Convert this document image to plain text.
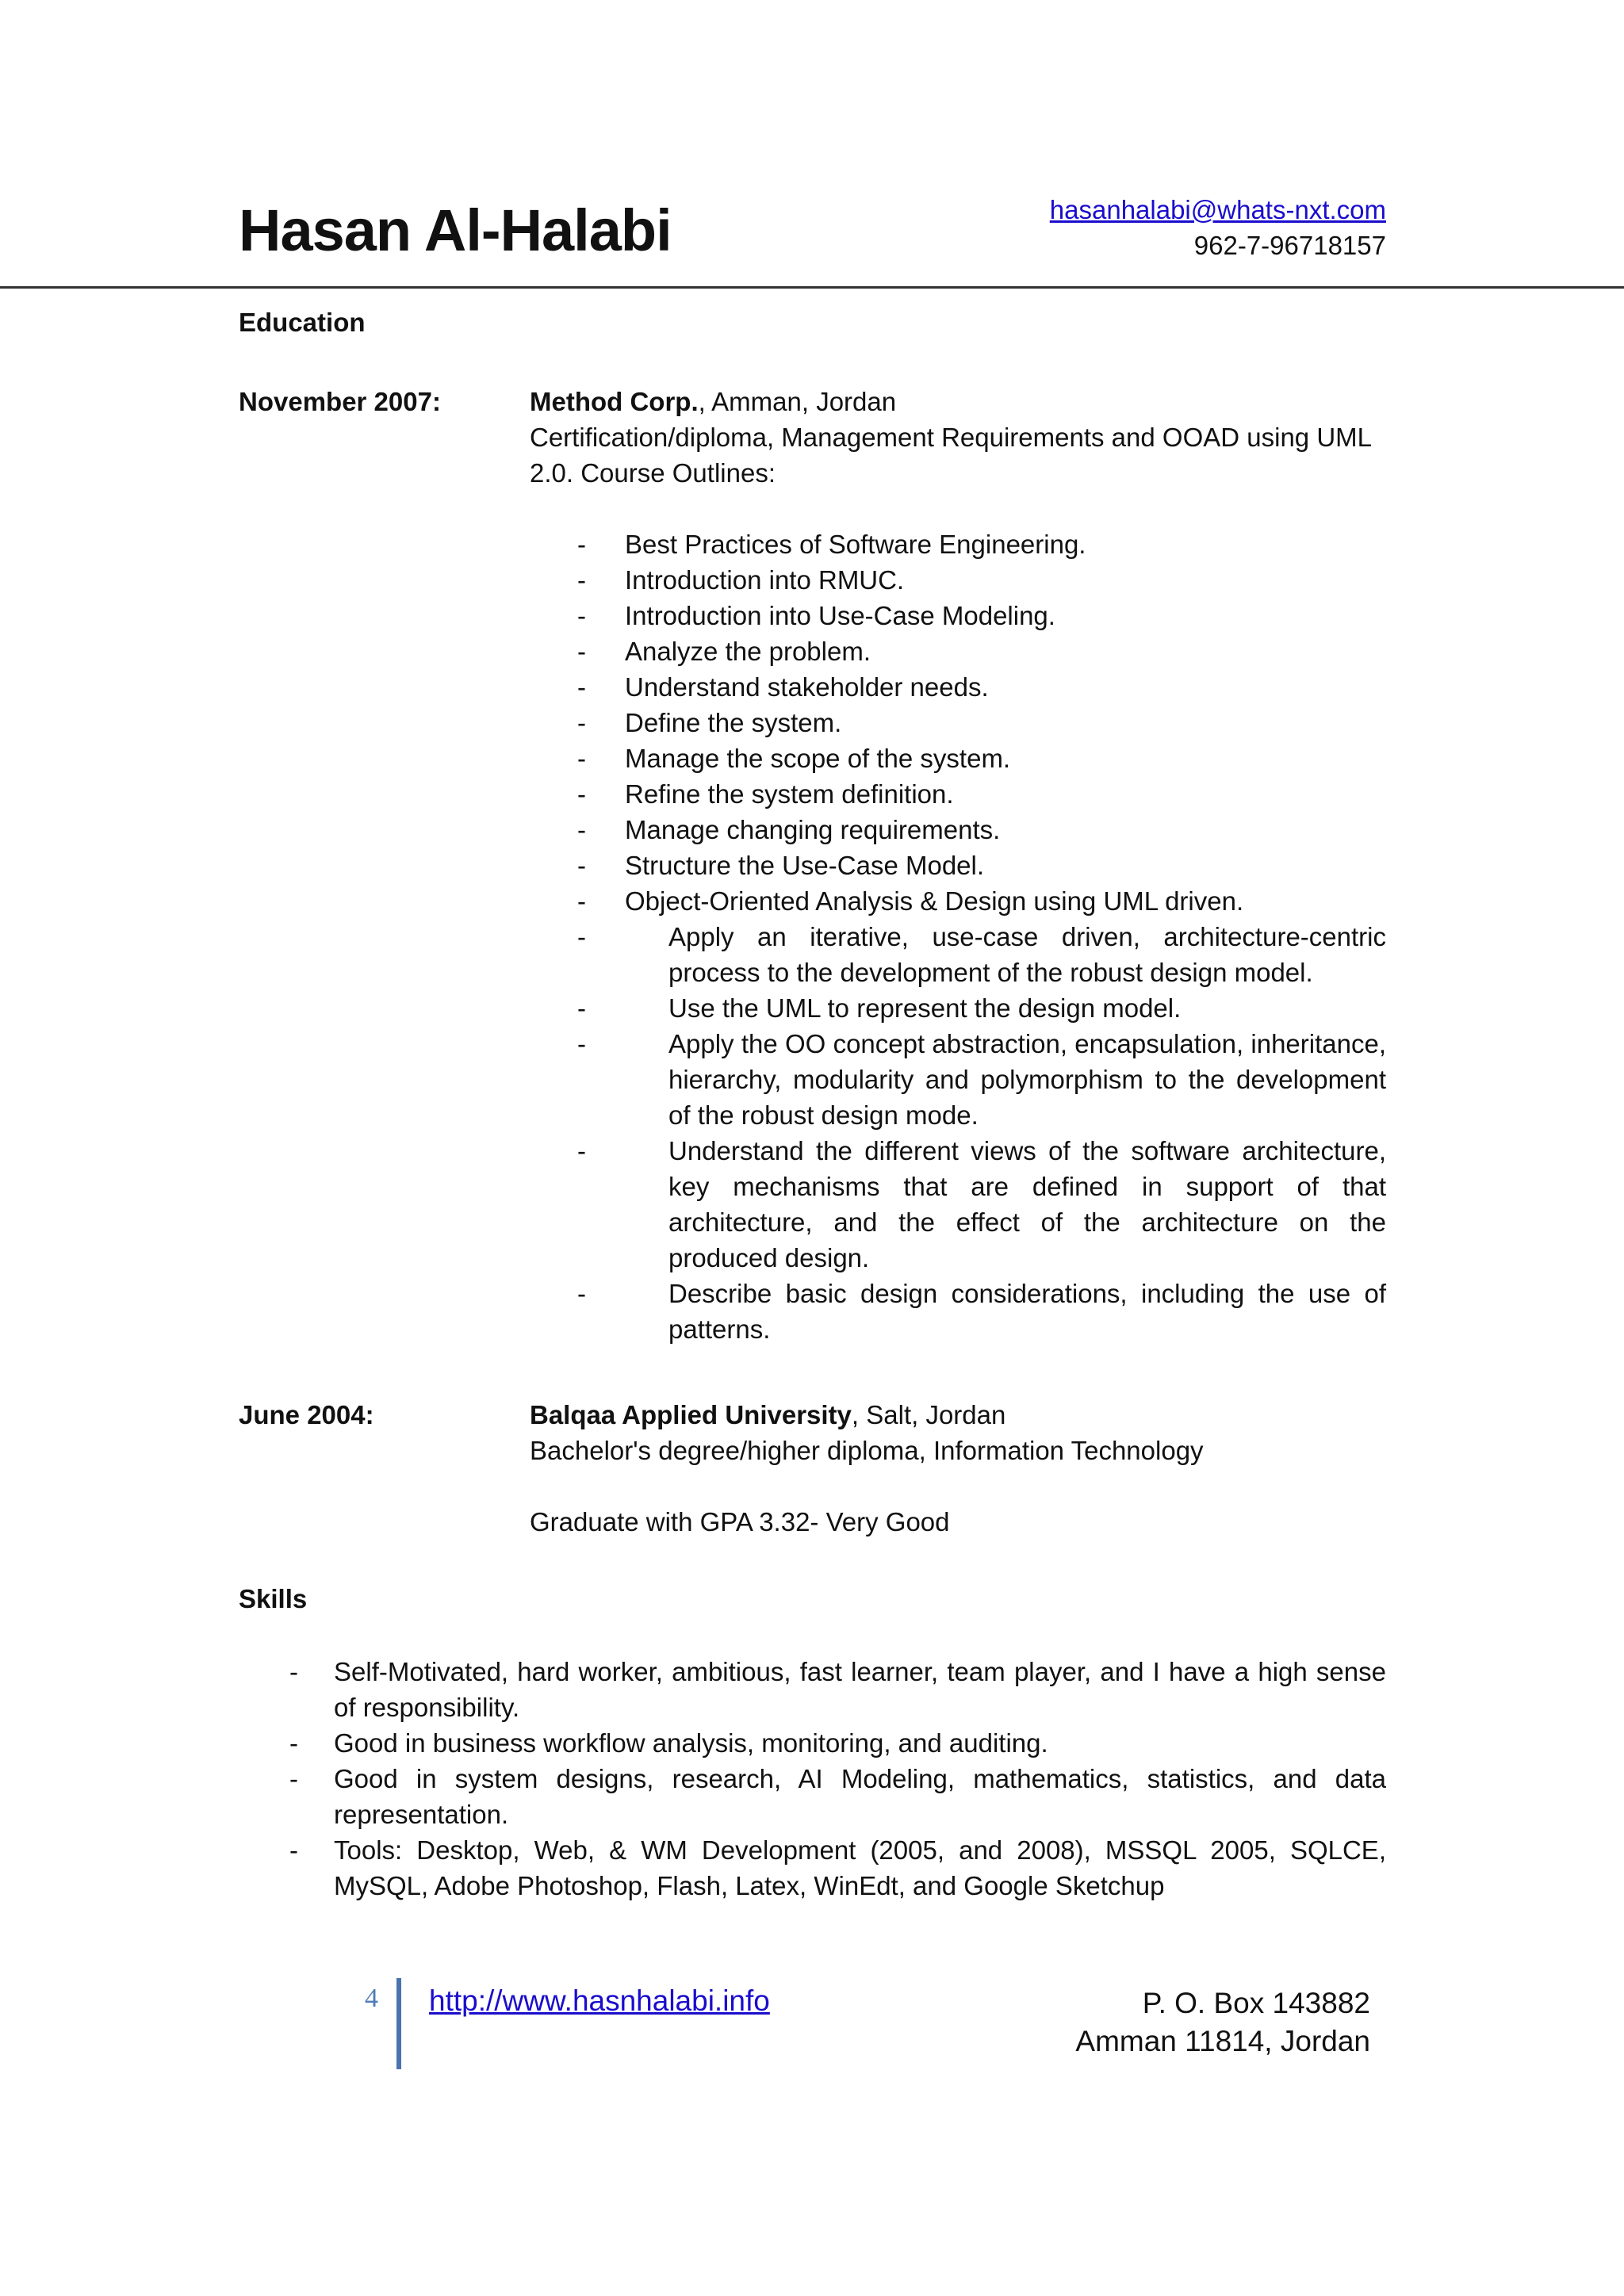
Hasan Al-Halabi	hasanhalabi@whats-nxt.com
962-7-96718157
Education
November 2007:	Method Corp., Amman, Jordan

Certification/diploma, Management Requirements and OOAD using UML 2.0. Course Outlines:

- Best Practices of Software Engineering.
- Introduction into RMUC.
- Introduction into Use-Case Modeling.
- Analyze the problem.
- Understand stakeholder needs.
- Define the system.
- Manage the scope of the system.
- Refine the system definition.
- Manage changing requirements.
- Structure the Use-Case Model.
- Object-Oriented Analysis & Design using UML driven.
- Apply an iterative, use-case driven, architecture-centric process to the development of the robust design model.
- Use the UML to represent the design model.
- Apply the OO concept abstraction, encapsulation, inheritance, hierarchy, modularity and polymorphism to the development of the robust design mode.
- Understand the different views of the software architecture, key mechanisms that are defined in support of that architecture, and the effect of the architecture on the produced design.
- Describe basic design considerations, including the use of patterns.
June 2004:	Balqaa Applied University, Salt, Jordan

Bachelor's degree/higher diploma, Information Technology

Graduate with GPA 3.32- Very Good

Skills
- Self-Motivated, hard worker, ambitious, fast learner, team player, and I have a high sense of responsibility.
- Good in business workflow analysis, monitoring, and auditing.
- Good in system designs, research, AI Modeling, mathematics, statistics, and data representation.
- Tools: Desktop, Web, & WM Development (2005, and 2008), MSSQL 2005, SQLCE, MySQL, Adobe Photoshop, Flash, Latex, WinEdt, and Google Sketchup
4 http://www.hasnhalabi.info	P. O. Box 143882
Amman 11814, Jordan
